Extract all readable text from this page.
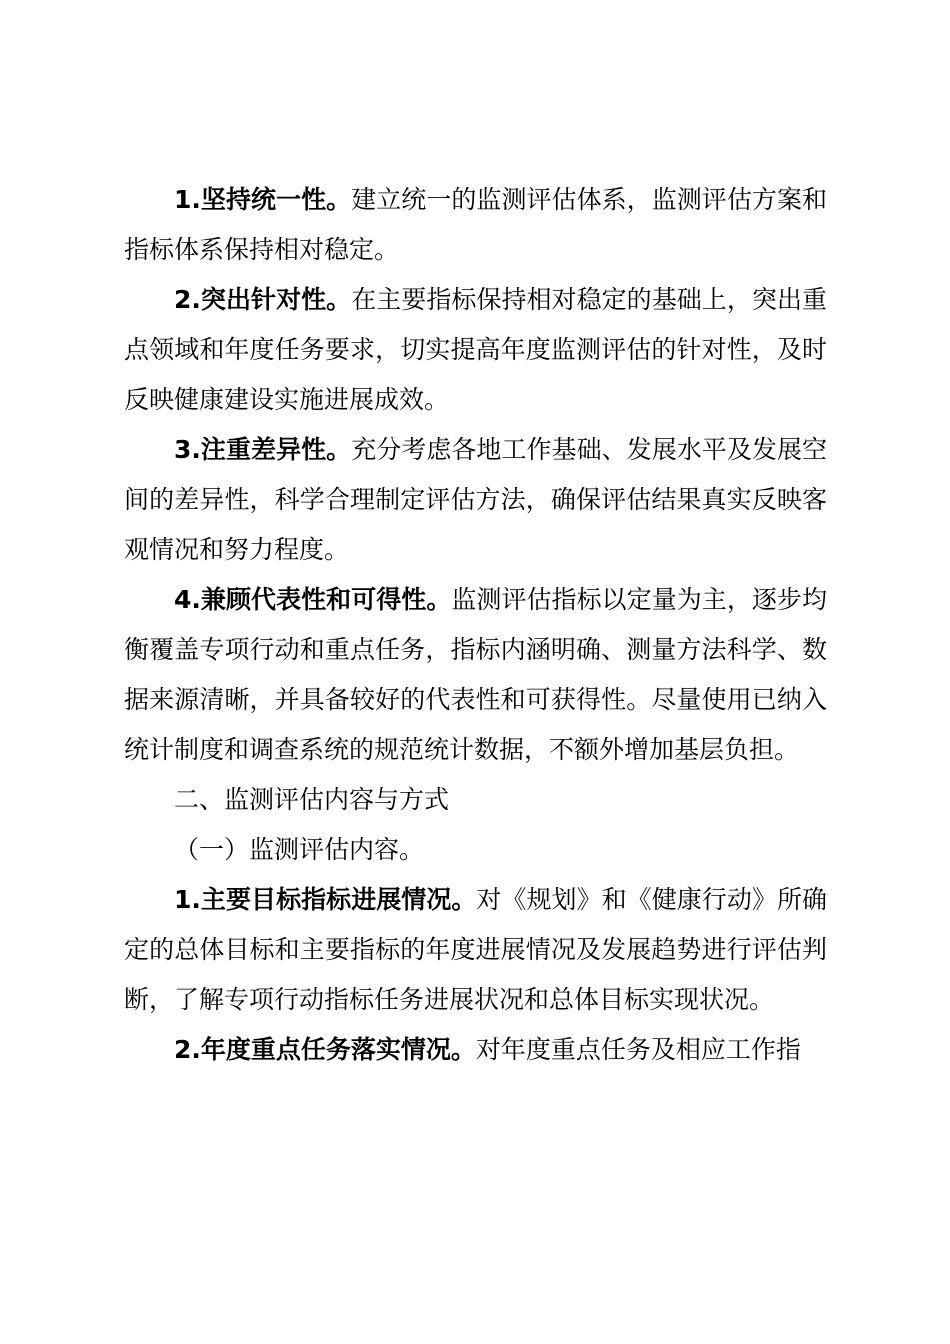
1.坚持统一性。建立统一的监测评估体系，监测评估方案和指标体系保持相对稳定。

2.突出针对性。在主要指标保持相对稳定的基础上，突出重点领域和年度任务要求，切实提高年度监测评估的针对性，及时反映健康建设实施进展成效。

3.注重差异性。充分考虑各地工作基础、发展水平及发展空间的差异性，科学合理制定评估方法，确保评估结果真实反映客观情况和努力程度。

4.兼顾代表性和可得性。监测评估指标以定量为主，逐步均衡覆盖专项行动和重点任务，指标内涵明确、测量方法科学、数据来源清晰，并具备较好的代表性和可获得性。尽量使用已纳入统计制度和调查系统的规范统计数据，不额外增加基层负担。

二、监测评估内容与方式

（一）监测评估内容。

1.主要目标指标进展情况。对《规划》和《健康行动》所确定的总体目标和主要指标的年度进展情况及发展趋势进行评估判断，了解专项行动指标任务进展状况和总体目标实现状况。

2.年度重点任务落实情况。对年度重点任务及相应工作指
